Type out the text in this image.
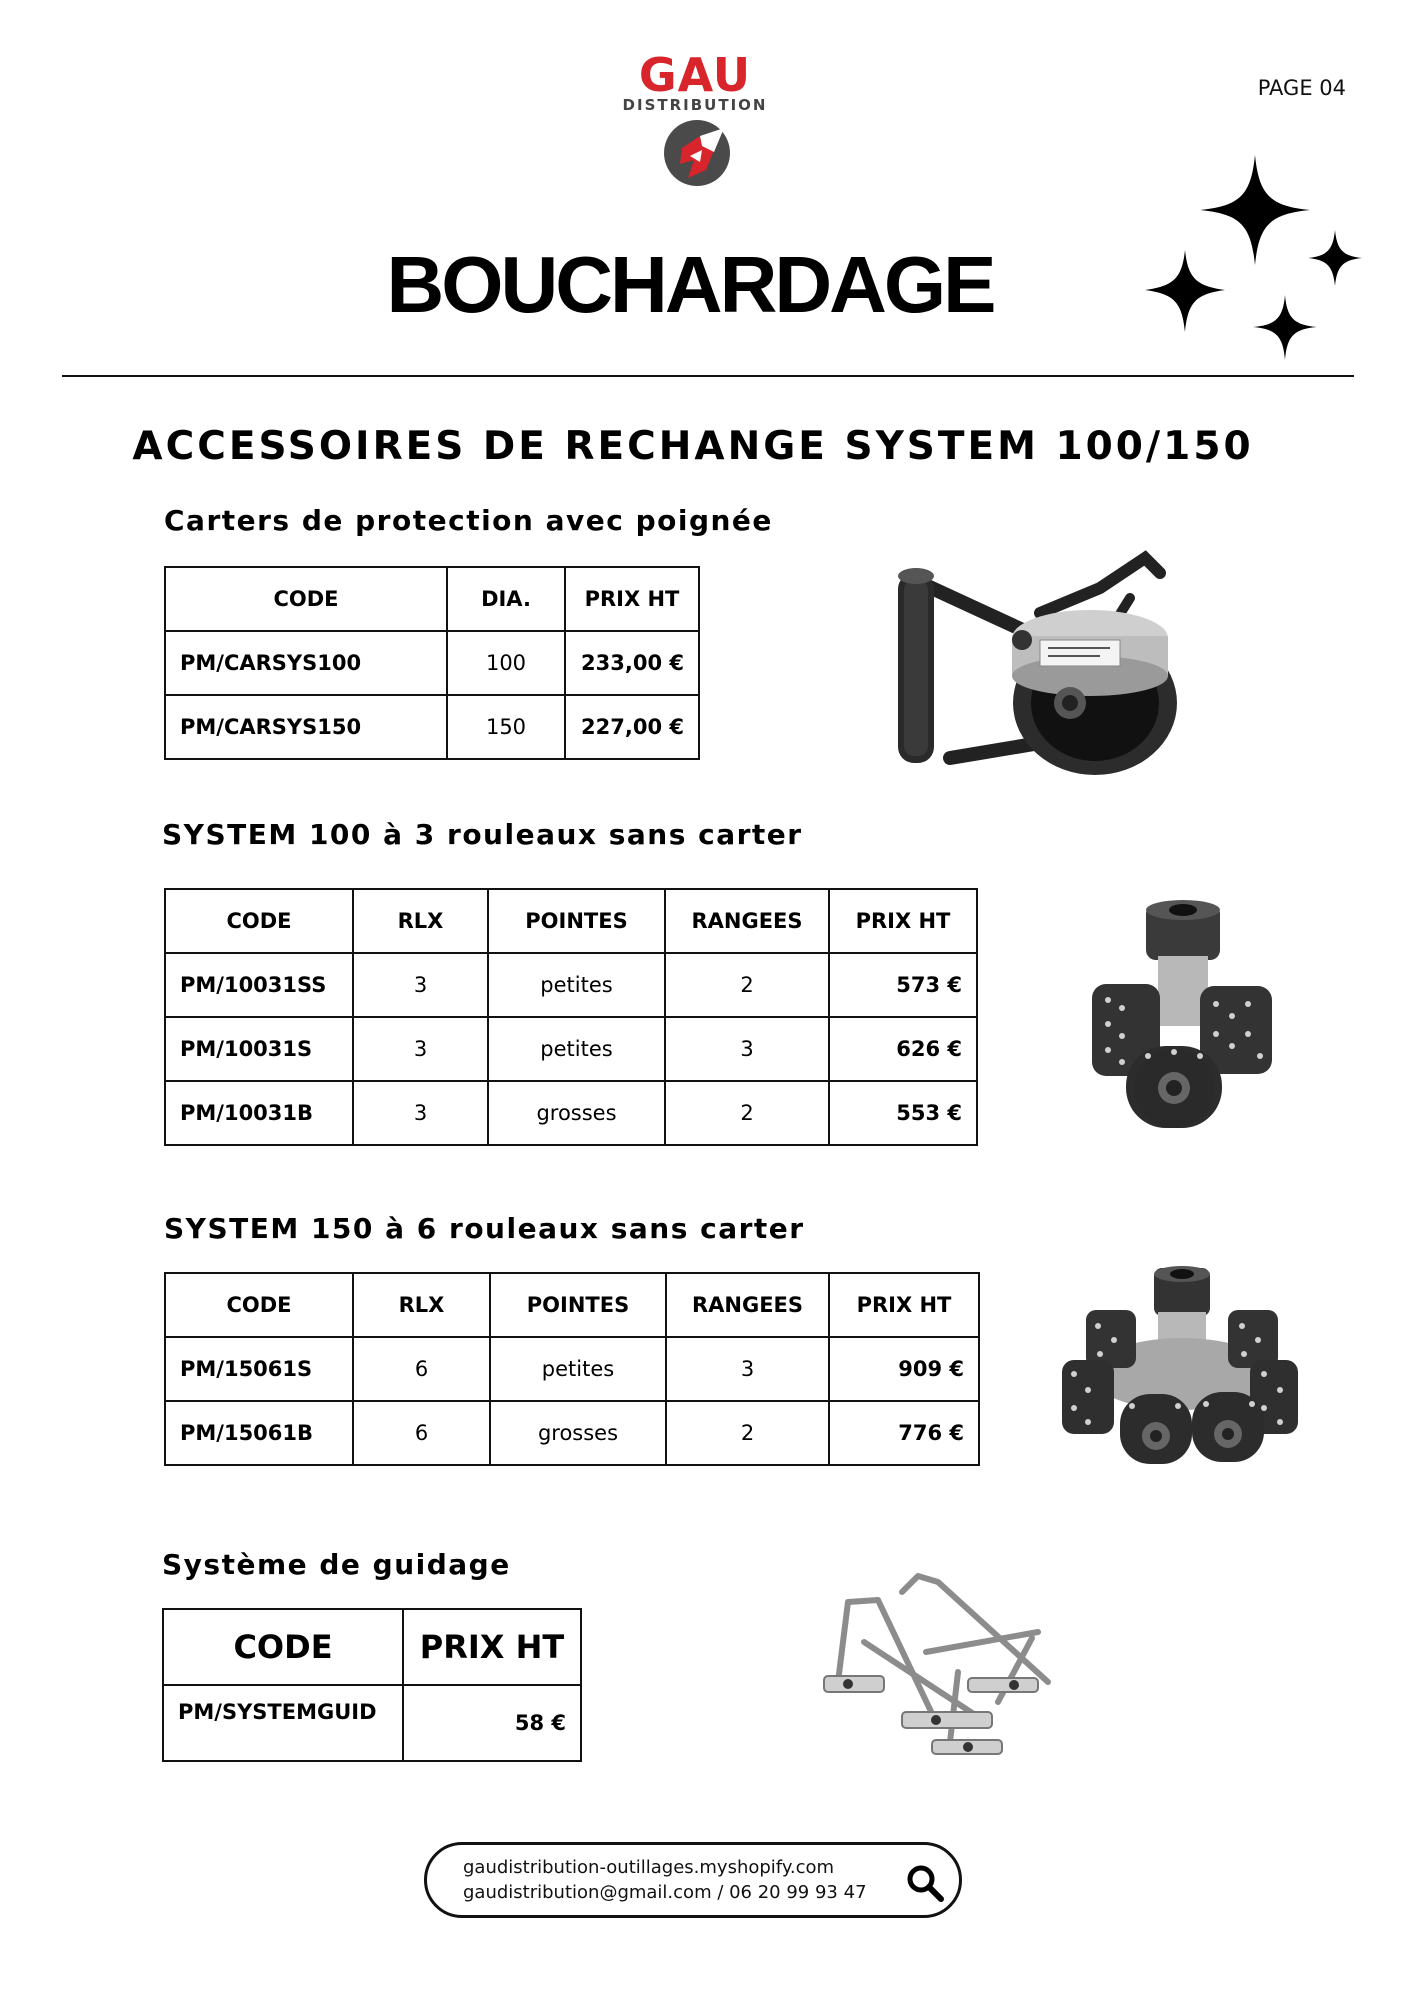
GAU
DISTRIBUTION
PAGE 04
BOUCHARDAGE
ACCESSOIRES DE RECHANGE SYSTEM 100/150
Carters de protection avec poignée
CODE	DIA.	PRIX HT
PM/CARSYS100	100	233,00 €
PM/CARSYS150	150	227,00 €
SYSTEM 100 à 3 rouleaux sans carter
CODE	RLX	POINTES	RANGEES	PRIX HT
PM/10031SS	3	petites	2	573 €
PM/10031S	3	petites	3	626 €
PM/10031B	3	grosses	2	553 €
SYSTEM 150 à 6 rouleaux sans carter
CODE	RLX	POINTES	RANGEES	PRIX HT
PM/15061S	6	petites	3	909 €
PM/15061B	6	grosses	2	776 €
Système de guidage
CODE	PRIX HT
PM/SYSTEMGUID	58 €
gaudistribution-outillages.myshopify.com
gaudistribution@gmail.com / 06 20 99 93 47
